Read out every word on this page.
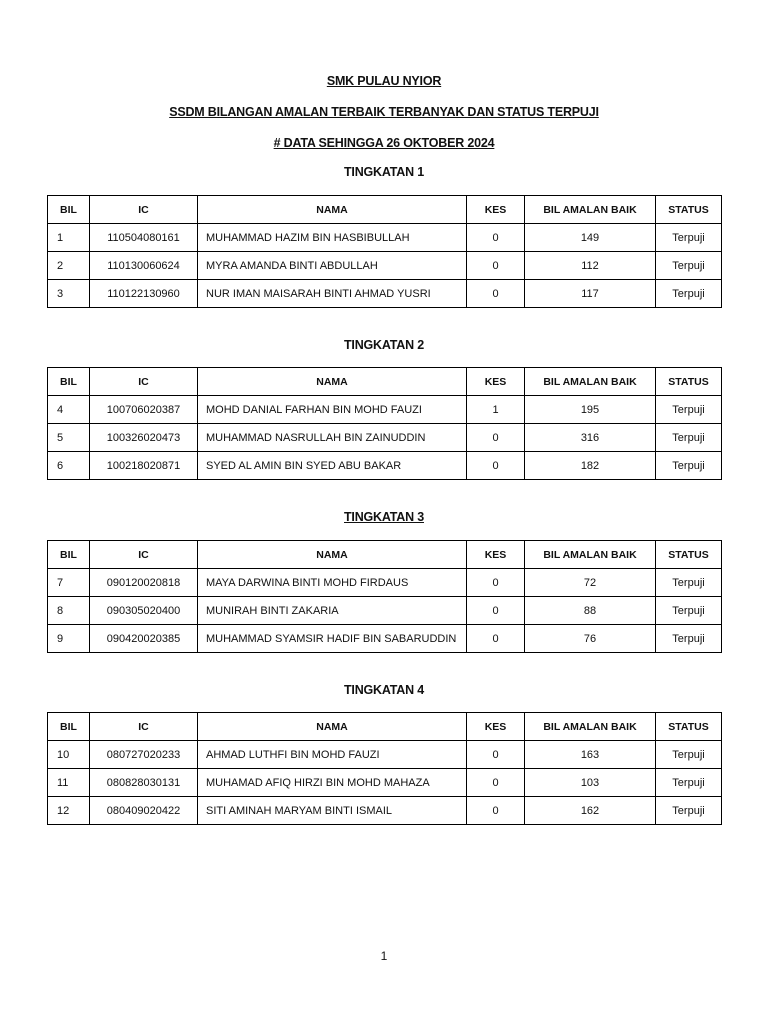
SMK PULAU NYIOR
SSDM BILANGAN AMALAN TERBAIK TERBANYAK DAN STATUS TERPUJI
# DATA SEHINGGA 26 OKTOBER 2024
TINGKATAN 1
BIL	IC	NAMA	KES	BIL AMALAN BAIK	STATUS
1	110504080161	MUHAMMAD HAZIM BIN HASBIBULLAH	0	149	Terpuji
2	110130060624	MYRA AMANDA BINTI ABDULLAH	0	112	Terpuji
3	110122130960	NUR IMAN MAISARAH BINTI AHMAD YUSRI	0	117	Terpuji
TINGKATAN 2
BIL	IC	NAMA	KES	BIL AMALAN BAIK	STATUS
4	100706020387	MOHD DANIAL FARHAN BIN MOHD FAUZI	1	195	Terpuji
5	100326020473	MUHAMMAD NASRULLAH BIN ZAINUDDIN	0	316	Terpuji
6	100218020871	SYED AL AMIN BIN SYED ABU BAKAR	0	182	Terpuji
TINGKATAN 3
BIL	IC	NAMA	KES	BIL AMALAN BAIK	STATUS
7	090120020818	MAYA DARWINA BINTI MOHD FIRDAUS	0	72	Terpuji
8	090305020400	MUNIRAH BINTI ZAKARIA	0	88	Terpuji
9	090420020385	MUHAMMAD SYAMSIR HADIF BIN SABARUDDIN	0	76	Terpuji
TINGKATAN 4
BIL	IC	NAMA	KES	BIL AMALAN BAIK	STATUS
10	080727020233	AHMAD LUTHFI BIN MOHD FAUZI	0	163	Terpuji
11	080828030131	MUHAMAD AFIQ HIRZI BIN MOHD MAHAZA	0	103	Terpuji
12	080409020422	SITI AMINAH MARYAM BINTI ISMAIL	0	162	Terpuji
1
